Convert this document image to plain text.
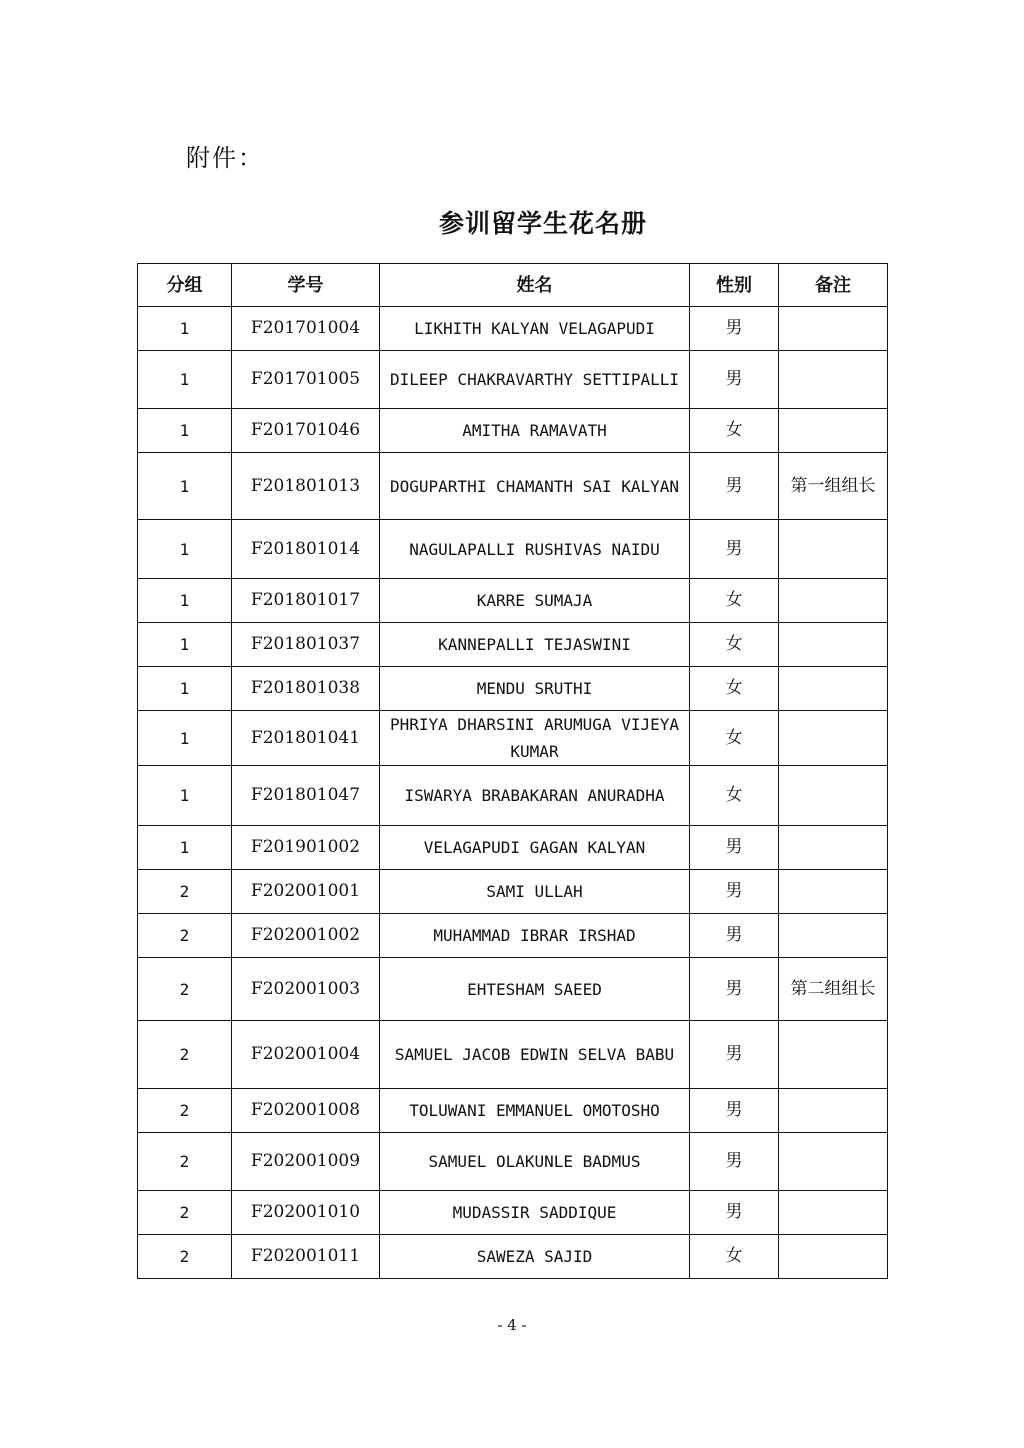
附件：
参训留学生花名册
分组	学号	姓名	性别	备注
1	F201701004	LIKHITH KALYAN VELAGAPUDI	男	
1	F201701005	DILEEP CHAKRAVARTHY SETTIPALLI	男	
1	F201701046	AMITHA RAMAVATH	女	
1	F201801013	DOGUPARTHI CHAMANTH SAI KALYAN	男	第一组组长
1	F201801014	NAGULAPALLI RUSHIVAS NAIDU	男	
1	F201801017	KARRE SUMAJA	女	
1	F201801037	KANNEPALLI TEJASWINI	女	
1	F201801038	MENDU SRUTHI	女	
1	F201801041	PHRIYA DHARSINI ARUMUGA VIJEYA KUMAR	女	
1	F201801047	ISWARYA BRABAKARAN ANURADHA	女	
1	F201901002	VELAGAPUDI GAGAN KALYAN	男	
2	F202001001	SAMI ULLAH	男	
2	F202001002	MUHAMMAD IBRAR IRSHAD	男	
2	F202001003	EHTESHAM SAEED	男	第二组组长
2	F202001004	SAMUEL JACOB EDWIN SELVA BABU	男	
2	F202001008	TOLUWANI EMMANUEL OMOTOSHO	男	
2	F202001009	SAMUEL OLAKUNLE BADMUS	男	
2	F202001010	MUDASSIR SADDIQUE	男	
2	F202001011	SAWEZA SAJID	女	
- 4 -
